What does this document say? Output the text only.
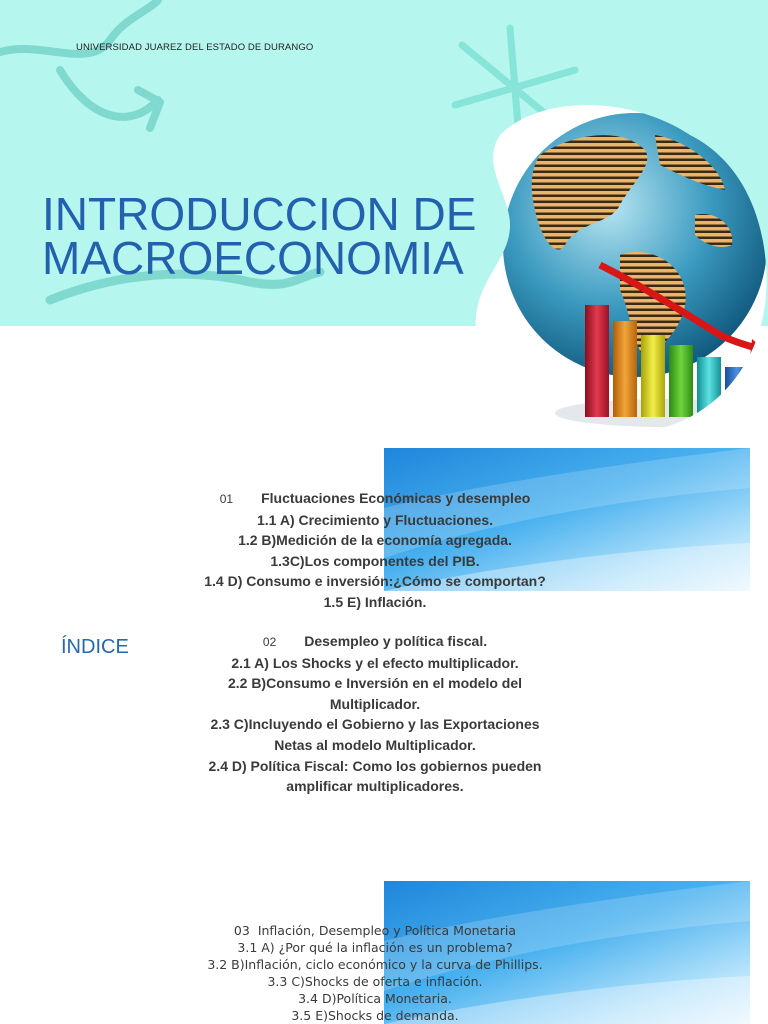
UNIVERSIDAD JUAREZ DEL ESTADO DE DURANGO
INTRODUCCION DE
MACROECONOMIA
ÍNDICE
01 Fluctuaciones Económicas y desempleo
1.1 A) Crecimiento y Fluctuaciones.
1.2 B)Medición de la economía agregada.
1.3C)Los componentes del PIB.
1.4 D) Consumo e inversión:¿Cómo se comportan?
1.5 E) Inflación.
02 Desempleo y política fiscal.
2.1 A) Los Shocks y el efecto multiplicador.
2.2 B)Consumo e Inversión en el modelo del Multiplicador.
2.3 C)Incluyendo el Gobierno y las Exportaciones Netas al modelo Multiplicador.
2.4 D) Política Fiscal: Como los gobiernos pueden amplificar multiplicadores.
03 Inflación, Desempleo y Política Monetaria
3.1 A) ¿Por qué la inflación es un problema?
3.2 B)Inflación, ciclo económico y la curva de Phillips.
3.3 C)Shocks de oferta e inflación.
3.4 D)Política Monetaria.
3.5 E)Shocks de demanda.
